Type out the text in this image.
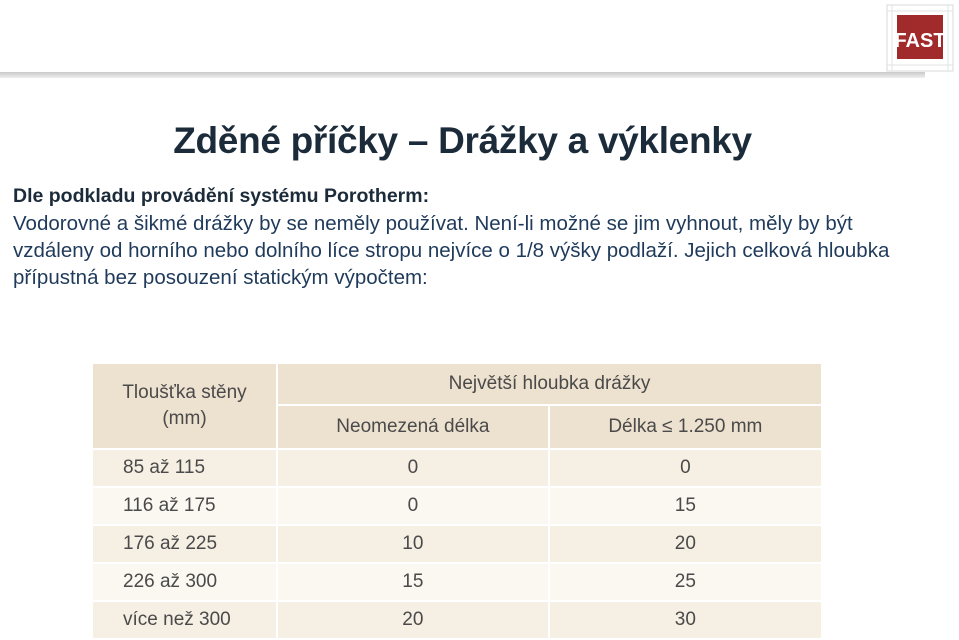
FAST
Zděné příčky – Drážky a výklenky
Dle podkladu provádění systému Porotherm:
Vodorovné a šikmé drážky by se neměly používat. Není-li možné se jim vyhnout, měly by být vzdáleny od horního nebo dolního líce stropu nejvíce o 1/8 výšky podlaží. Jejich celková hloubka přípustná bez posouzení statickým výpočtem:
Tloušťka stěny
(mm)	Největší hloubka drážky	
	Neomezená délka	Délka ≤ 1.250 mm
85 až 115	0	0
116 až 175	0	15
176 až 225	10	20
226 až 300	15	25
více než 300	20	30
